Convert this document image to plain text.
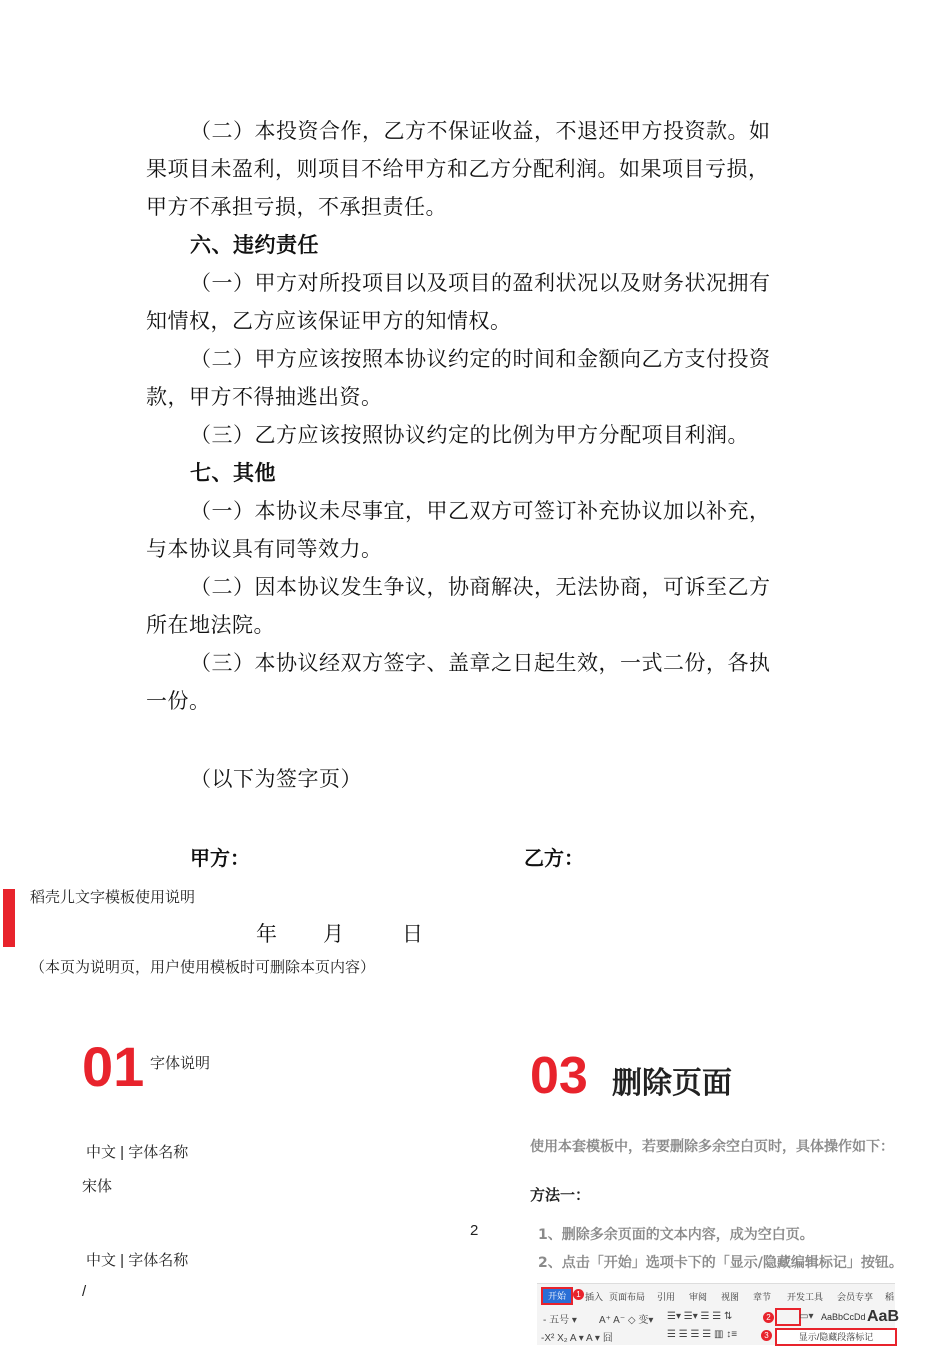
（二）本投资合作，乙方不保证收益，不退还甲方投资款。如
果项目未盈利，则项目不给甲方和乙方分配利润。如果项目亏损，
甲方不承担亏损，不承担责任。
六、违约责任
（一）甲方对所投项目以及项目的盈利状况以及财务状况拥有
知情权，乙方应该保证甲方的知情权。
（二）甲方应该按照本协议约定的时间和金额向乙方支付投资
款，甲方不得抽逃出资。
（三）乙方应该按照协议约定的比例为甲方分配项目利润。
七、其他
（一）本协议未尽事宜，甲乙双方可签订补充协议加以补充，
与本协议具有同等效力。
（二）因本协议发生争议，协商解决，无法协商，可诉至乙方
所在地法院。
（三）本协议经双方签字、盖章之日起生效，一式二份，各执
一份。
（以下为签字页）
甲方：	乙方：
年 月	日
2
稻壳儿文字模板使用说明
（本页为说明页，用户使用模板时可删除本页内容）
01 字体说明
中文 | 字体名称
宋体
中文 | 字体名称
/
03 删除页面
使用本套模板中，若要删除多余空白页时，具体操作如下：
方法一：
1、删除多余页面的文本内容，成为空白页。
2、点击「开始」选项卡下的「显示/隐藏编辑标记」按钮。
开始	1 插入 页面布局 引用 审阅 视图 章节 开发工具 会员专享 稻
- 五号 ▾ A⁺ A⁻ ◇ 变▾ ☰▾ ☰▾ ☰ ☰ ⇅	2	▭▾ AaBbCcDd AaB
-X² X₂ A ▾ A ▾ 囧	☰ ☰ ☰ ☰ ▥ ↕≡	3	显示/隐藏段落标记
